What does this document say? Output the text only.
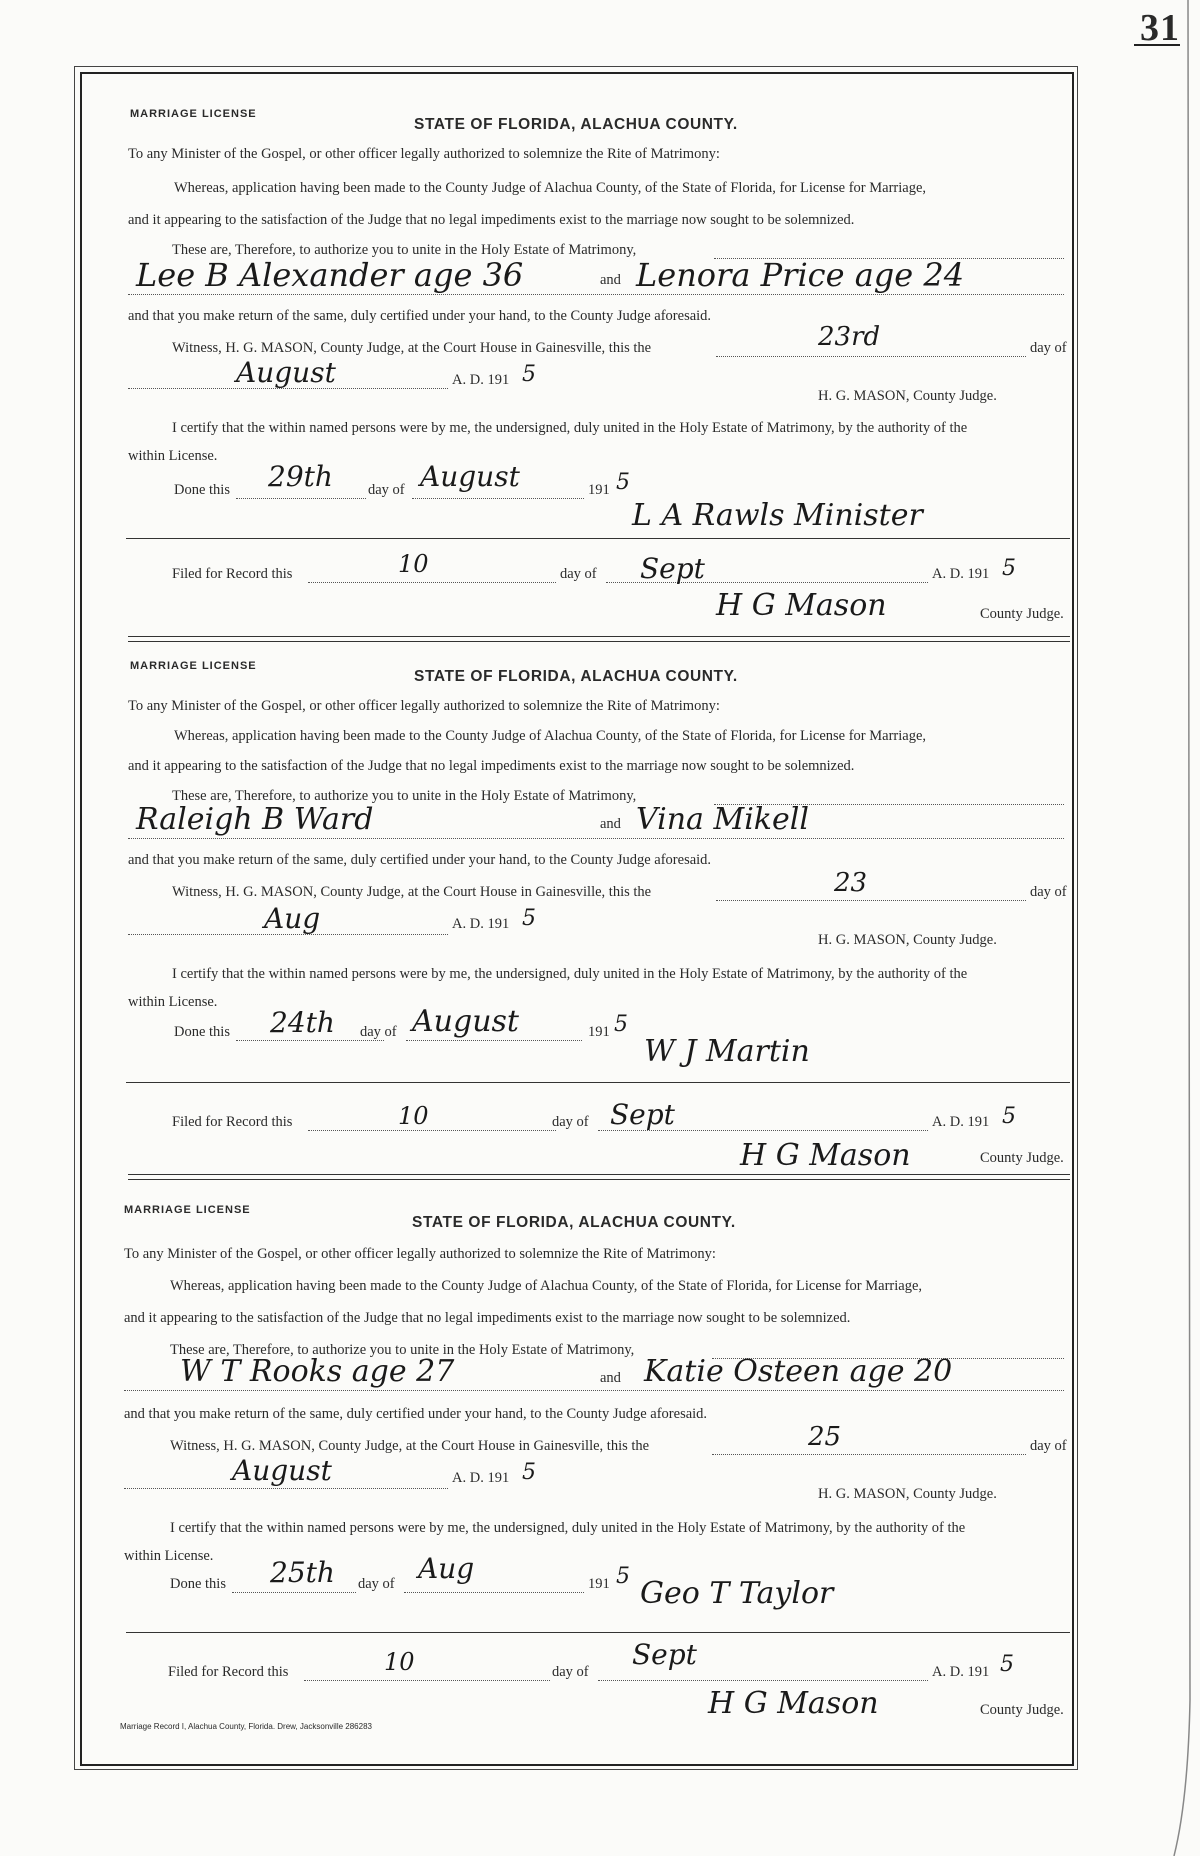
31
MARRIAGE LICENSE
STATE OF FLORIDA, ALACHUA COUNTY.
To any Minister of the Gospel, or other officer legally authorized to solemnize the Rite of Matrimony:
Whereas, application having been made to the County Judge of Alachua County, of the State of Florida, for License for Marriage,
and it appearing to the satisfaction of the Judge that no legal impediments exist to the marriage now sought to be solemnized.
These are, Therefore, to authorize you to unite in the Holy Estate of Matrimony,
Lee B Alexander age 36	and Lenora Price age 24
and that you make return of the same, duly certified under your hand, to the County Judge aforesaid.
Witness, H. G. MASON, County Judge, at the Court House in Gainesville, this the	23rd	day of
August	A. D. 191 5
H. G. MASON, County Judge.
I certify that the within named persons were by me, the undersigned, duly united in the Holy Estate of Matrimony, by the authority of the
within License.
Done this 29th day of August	191 5
L A Rawls Minister
Filed for Record this	10	day of Sept	A. D. 191 5
H G Mason	County Judge.
MARRIAGE LICENSE
STATE OF FLORIDA, ALACHUA COUNTY.
To any Minister of the Gospel, or other officer legally authorized to solemnize the Rite of Matrimony:
Whereas, application having been made to the County Judge of Alachua County, of the State of Florida, for License for Marriage,
and it appearing to the satisfaction of the Judge that no legal impediments exist to the marriage now sought to be solemnized.
These are, Therefore, to authorize you to unite in the Holy Estate of Matrimony,
Raleigh B Ward	and Vina Mikell
and that you make return of the same, duly certified under your hand, to the County Judge aforesaid.
Witness, H. G. MASON, County Judge, at the Court House in Gainesville, this the	23	day of
Aug	A. D. 191 5
H. G. MASON, County Judge.
I certify that the within named persons were by me, the undersigned, duly united in the Holy Estate of Matrimony, by the authority of the
within License.
Done this 24th day of August	191 5
W J Martin
Filed for Record this	10	day of Sept	A. D. 191 5
H G Mason	County Judge.
MARRIAGE LICENSE
STATE OF FLORIDA, ALACHUA COUNTY.
To any Minister of the Gospel, or other officer legally authorized to solemnize the Rite of Matrimony:
Whereas, application having been made to the County Judge of Alachua County, of the State of Florida, for License for Marriage,
and it appearing to the satisfaction of the Judge that no legal impediments exist to the marriage now sought to be solemnized.
These are, Therefore, to authorize you to unite in the Holy Estate of Matrimony,
W T Rooks age 27	and Katie Osteen age 20
and that you make return of the same, duly certified under your hand, to the County Judge aforesaid.
Witness, H. G. MASON, County Judge, at the Court House in Gainesville, this the	25	day of
August	A. D. 191 5
H. G. MASON, County Judge.
I certify that the within named persons were by me, the undersigned, duly united in the Holy Estate of Matrimony, by the authority of the
within License.
Done this 25th day of Aug	191 5 Geo T Taylor
Filed for Record this	10	day of
Sept
A. D. 191 5
H G Mason	County Judge.
Marriage Record I, Alachua County, Florida. Drew, Jacksonville 286283
